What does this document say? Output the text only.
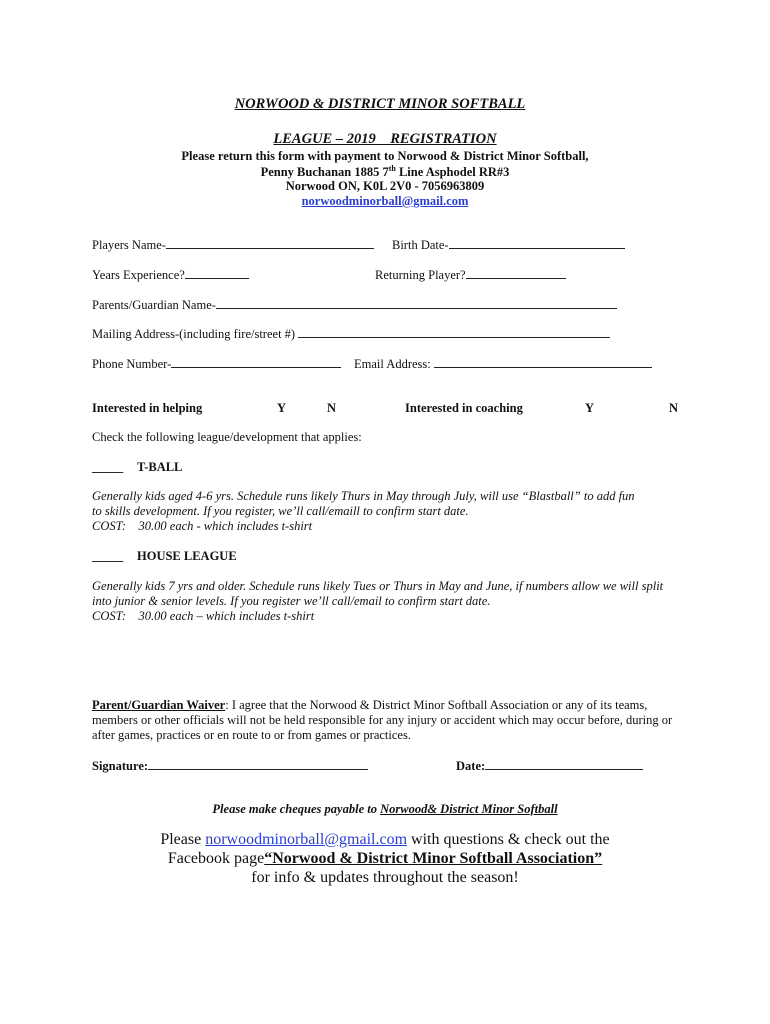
NORWOOD & DISTRICT MINOR SOFTBALL
LEAGUE – 2019    REGISTRATION
Please return this form with payment to Norwood & District Minor Softball,
Penny Buchanan 1885 7th Line Asphodel RR#3
Norwood ON, K0L 2V0 - 7056963809
norwoodminorball@gmail.com
Players Name-	Birth Date-
Years Experience?	Returning Player?
Parents/Guardian Name-
Mailing Address-(including fire/street #)
Phone Number-	Email Address:
Interested in helping	Y	N	Interested in coaching	Y	N
Check the following league/development that applies:
_____ T-BALL
Generally kids aged 4-6 yrs. Schedule runs likely Thurs in May through July, will use “Blastball” to add fun
to skills development. If you register, we’ll call/emaill to confirm start date.
COST:    30.00 each - which includes t-shirt
_____ HOUSE LEAGUE
Generally kids 7 yrs and older. Schedule runs likely Tues or Thurs in May and June, if numbers allow we will split
into junior & senior levels. If you register we’ll call/email to confirm start date.
COST:    30.00 each – which includes t-shirt
Parent/Guardian Waiver: I agree that the Norwood & District Minor Softball Association or any of its teams, members or other officials will not be held responsible for any injury or accident which may occur before, during or after games, practices or en route to or from games or practices.
Signature:	Date:
Please make cheques payable to Norwood& District Minor Softball
Please norwoodminorball@gmail.com with questions & check out the
Facebook page“Norwood & District Minor Softball Association”
for info & updates throughout the season!
